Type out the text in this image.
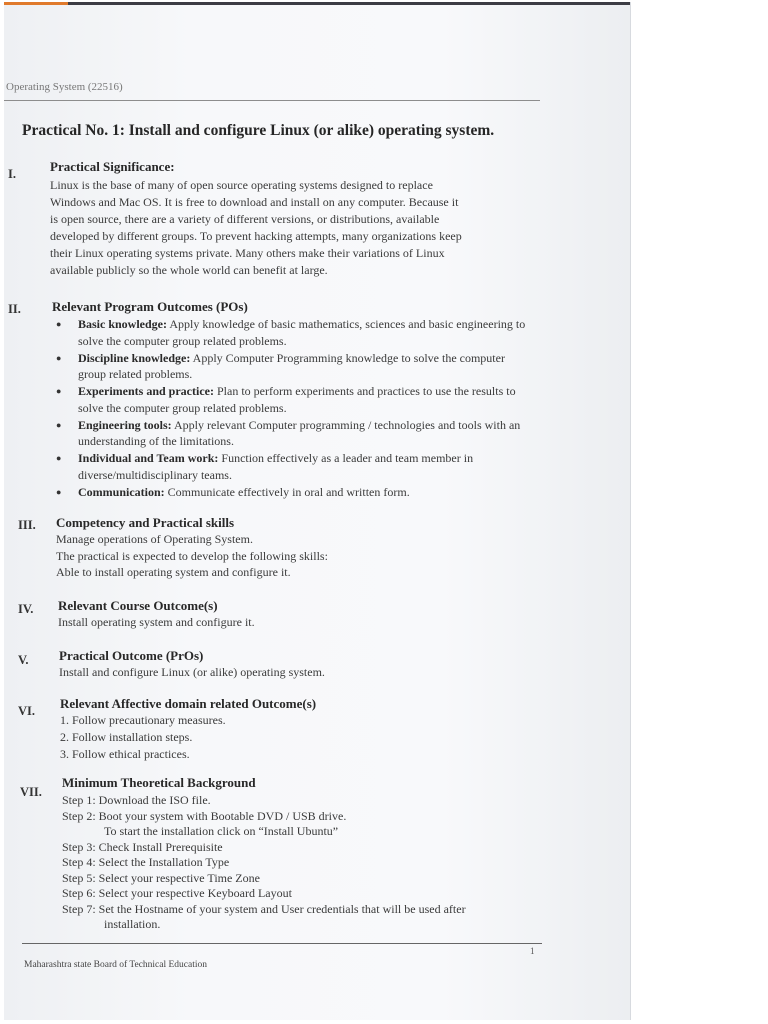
Operating System (22516)
Practical No. 1: Install and configure Linux (or alike) operating system.
I.	Practical Significance:
Linux is the base of many of open source operating systems designed to replace
Windows and Mac OS. It is free to download and install on any computer. Because it
is open source, there are a variety of different versions, or distributions, available
developed by different groups. To prevent hacking attempts, many organizations keep
their Linux operating systems private. Many others make their variations of Linux
available publicly so the whole world can benefit at large.
II. Relevant Program Outcomes (POs)
● Basic knowledge: Apply knowledge of basic mathematics, sciences and basic engineering to solve the computer group related problems.
● Discipline knowledge: Apply Computer Programming knowledge to solve the computer group related problems.
● Experiments and practice: Plan to perform experiments and practices to use the results to solve the computer group related problems.
● Engineering tools: Apply relevant Computer programming / technologies and tools with an understanding of the limitations.
● Individual and Team work: Function effectively as a leader and team member in diverse/multidisciplinary teams.
● Communication: Communicate effectively in oral and written form.
III. Competency and Practical skills
Manage operations of Operating System.
The practical is expected to develop the following skills:
Able to install operating system and configure it.
IV. Relevant Course Outcome(s)
Install operating system and configure it.
V. Practical Outcome (PrOs)
Install and configure Linux (or alike) operating system.
VI. Relevant Affective domain related Outcome(s)
1. Follow precautionary measures.
2. Follow installation steps.
3. Follow ethical practices.
VII.
Minimum Theoretical Background
Step 1: Download the ISO file.
Step 2: Boot your system with Bootable DVD / USB drive.
To start the installation click on “Install Ubuntu”
Step 3: Check Install Prerequisite
Step 4: Select the Installation Type
Step 5: Select your respective Time Zone
Step 6: Select your respective Keyboard Layout
Step 7: Set the Hostname of your system and User credentials that will be used after
installation.
1
Maharashtra state Board of Technical Education
